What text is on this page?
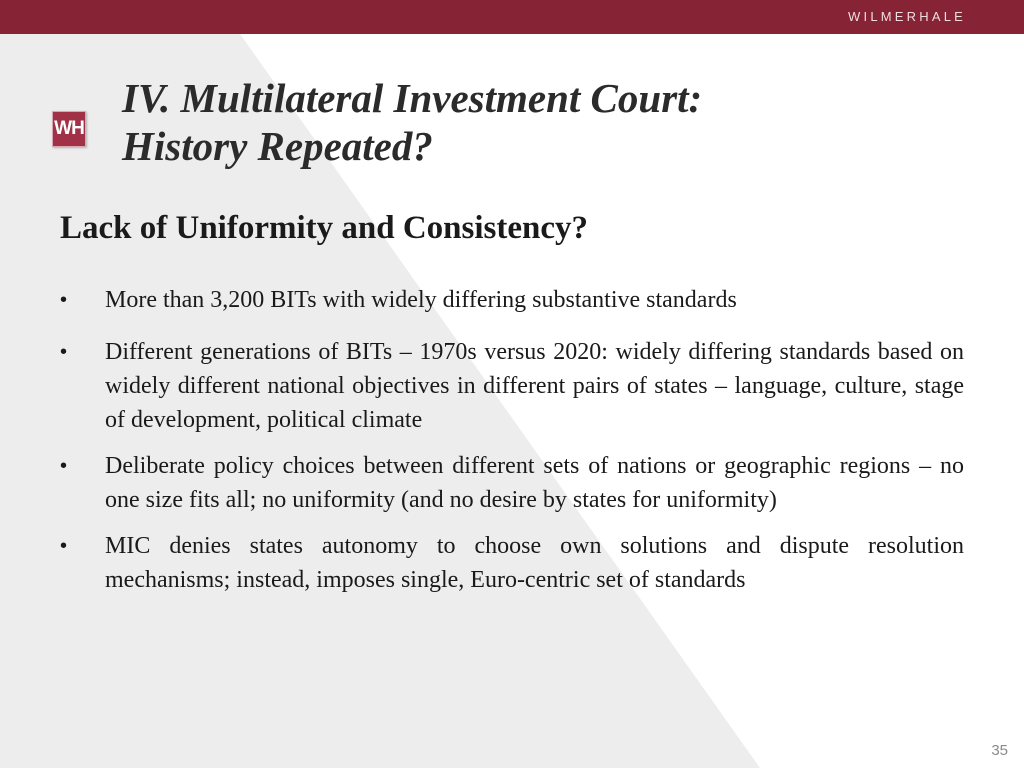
WILMERHALE
WH
IV. Multilateral Investment Court:
History Repeated?
Lack of Uniformity and Consistency?
• More than 3,200 BITs with widely differing substantive standards
• Different generations of BITs – 1970s versus 2020: widely differing standards based on widely different national objectives in different pairs of states – language, culture, stage of development, political climate
• Deliberate policy choices between different sets of nations or geographic regions – no one size fits all; no uniformity (and no desire by states for uniformity)
• MIC denies states autonomy to choose own solutions and dispute resolution mechanisms; instead, imposes single, Euro-centric set of standards
35
